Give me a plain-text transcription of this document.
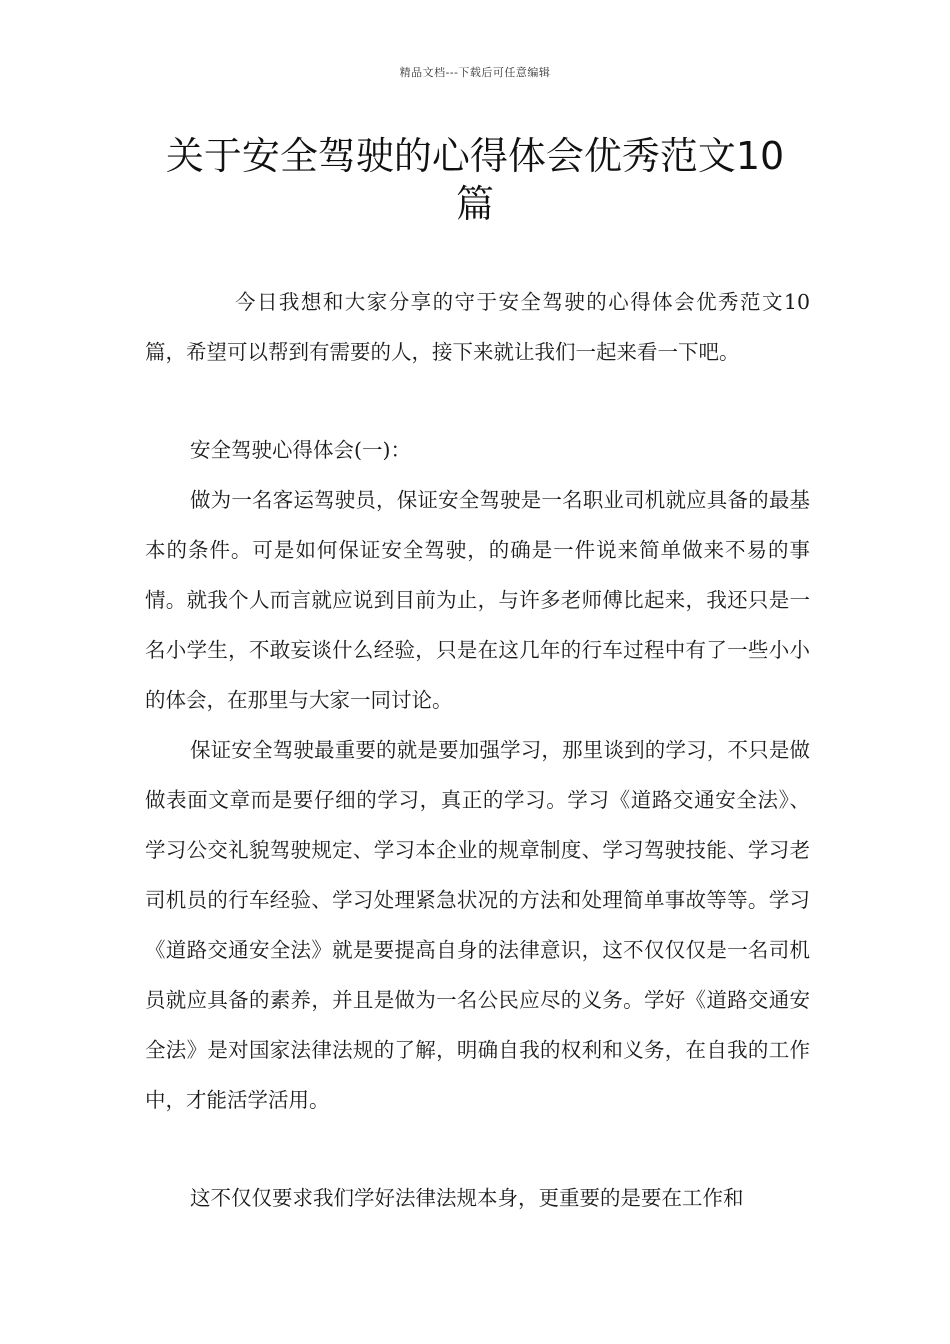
精品文档---下载后可任意编辑
关于安全驾驶的心得体会优秀范文10篇

今日我想和大家分享的守于安全驾驶的心得体会优秀范文10篇，希望可以帮到有需要的人，接下来就让我们一起来看一下吧。

安全驾驶心得体会(一)：

做为一名客运驾驶员，保证安全驾驶是一名职业司机就应具备的最基本的条件。可是如何保证安全驾驶，的确是一件说来简单做来不易的事情。就我个人而言就应说到目前为止，与许多老师傅比起来，我还只是一名小学生，不敢妄谈什么经验，只是在这几年的行车过程中有了一些小小的体会，在那里与大家一同讨论。

保证安全驾驶最重要的就是要加强学习，那里谈到的学习，不只是做做表面文章而是要仔细的学习，真正的学习。学习《道路交通安全法》、学习公交礼貌驾驶规定、学习本企业的规章制度、学习驾驶技能、学习老司机员的行车经验、学习处理紧急状况的方法和处理简单事故等等。学习《道路交通安全法》就是要提高自身的法律意识，这不仅仅仅是一名司机员就应具备的素养，并且是做为一名公民应尽的义务。学好《道路交通安全法》是对国家法律法规的了解，明确自我的权利和义务，在自我的工作中，才能活学活用。

这不仅仅要求我们学好法律法规本身，更重要的是要在工作和
